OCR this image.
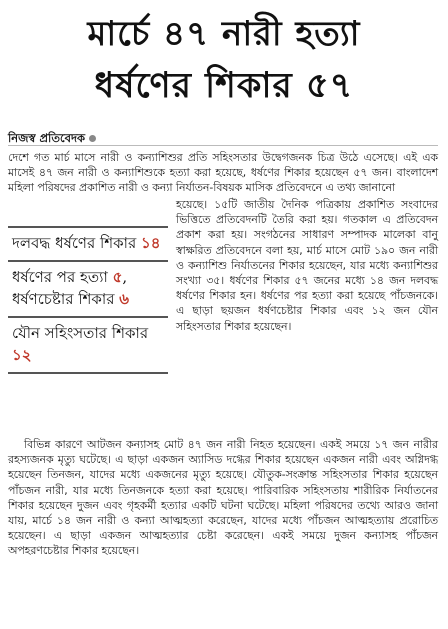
মার্চে ৪৭ নারী হত্যা
ধর্ষণের শিকার ৫৭
নিজস্ব প্রতিবেদক

দেশে গত মার্চ মাসে নারী ও কন্যাশিশুর প্রতি সহিংসতার উদ্বেগজনক চিত্র উঠে এসেছে। এই এক মাসেই ৪৭ জন নারী ও কন্যাশিশুকে হত্যা করা হয়েছে, ধর্ষণের শিকার হয়েছেন ৫৭ জন। বাংলাদেশ মহিলা পরিষদের প্রকাশিত নারী ও কন্যা নির্যাতন-বিষয়ক মাসিক প্রতিবেদনে এ তথ্য জানানো

দলবদ্ধ ধর্ষণের শিকার ১৪
ধর্ষণের পর হত্যা ৫, ধর্ষণচেষ্টার শিকার ৬
যৌন সহিংসতার শিকার ১২

হয়েছে। ১৫টি জাতীয় দৈনিক পত্রিকায় প্রকাশিত সংবাদের ভিত্তিতে প্রতিবেদনটি তৈরি করা হয়। গতকাল এ প্রতিবেদন প্রকাশ করা হয়। সংগঠনের সাধারণ সম্পাদক মালেকা বানু স্বাক্ষরিত প্রতিবেদনে বলা হয়, মার্চ মাসে মোট ১৯০ জন নারী ও কন্যাশিশু নির্যাতনের শিকার হয়েছেন, যার মধ্যে কন্যাশিশুর সংখ্যা ৩৫। ধর্ষণের শিকার ৫৭ জনের মধ্যে ১৪ জন দলবদ্ধ ধর্ষণের শিকার হন। ধর্ষণের পর হত্যা করা হয়েছে পাঁচজনকে। এ ছাড়া ছয়জন ধর্ষণচেষ্টার শিকার এবং ১২ জন যৌন সহিংসতার শিকার হয়েছেন।

বিভিন্ন কারণে আটজন কন্যাসহ মোট ৪৭ জন নারী নিহত হয়েছেন। একই সময়ে ১৭ জন নারীর রহস্যজনক মৃত্যু ঘটেছে। এ ছাড়া একজন অ্যাসিড দগ্ধের শিকার হয়েছেন একজন নারী এবং অগ্নিদগ্ধ হয়েছেন তিনজন, যাদের মধ্যে একজনের মৃত্যু হয়েছে। যৌতুক-সংক্রান্ত সহিংসতার শিকার হয়েছেন পাঁচজন নারী, যার মধ্যে তিনজনকে হত্যা করা হয়েছে। পারিবারিক সহিংসতায় শারীরিক নির্যাতনের শিকার হয়েছেন দুজন এবং গৃহকর্মী হত্যার একটি ঘটনা ঘটেছে। মহিলা পরিষদের তথ্যে আরও জানা যায়, মার্চে ১৪ জন নারী ও কন্যা আত্মহত্যা করেছেন, যাদের মধ্যে পাঁচজন আত্মহত্যায় প্ররোচিত হয়েছেন। এ ছাড়া একজন আত্মহত্যার চেষ্টা করেছেন। একই সময়ে দুজন কন্যাসহ পাঁচজন অপহরণচেষ্টার শিকার হয়েছেন।
